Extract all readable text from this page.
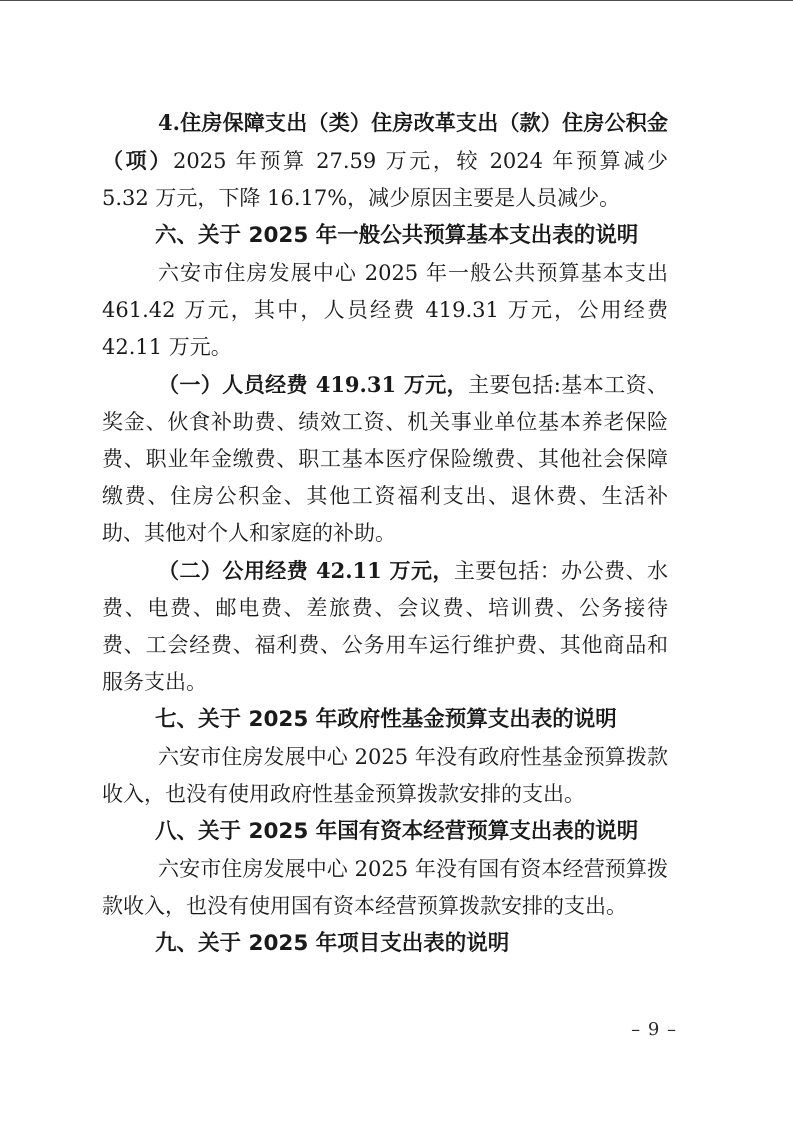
4.住房保障支出（类）住房改革支出（款）住房公积金（项）2025 年预算 27.59 万元，较 2024 年预算减少 5.32 万元，下降 16.17%，减少原因主要是人员减少。

六、关于 2025 年一般公共预算基本支出表的说明

六安市住房发展中心 2025 年一般公共预算基本支出 461.42 万元，其中，人员经费 419.31 万元，公用经费 42.11 万元。

（一）人员经费 419.31 万元，主要包括:基本工资、奖金、伙食补助费、绩效工资、机关事业单位基本养老保险费、职业年金缴费、职工基本医疗保险缴费、其他社会保障缴费、住房公积金、其他工资福利支出、退休费、生活补助、其他对个人和家庭的补助。

（二）公用经费 42.11 万元，主要包括：办公费、水费、电费、邮电费、差旅费、会议费、培训费、公务接待费、工会经费、福利费、公务用车运行维护费、其他商品和服务支出。

七、关于 2025 年政府性基金预算支出表的说明

六安市住房发展中心 2025 年没有政府性基金预算拨款收入，也没有使用政府性基金预算拨款安排的支出。

八、关于 2025 年国有资本经营预算支出表的说明

六安市住房发展中心 2025 年没有国有资本经营预算拨款收入，也没有使用国有资本经营预算拨款安排的支出。

九、关于 2025 年项目支出表的说明
– 9 –
